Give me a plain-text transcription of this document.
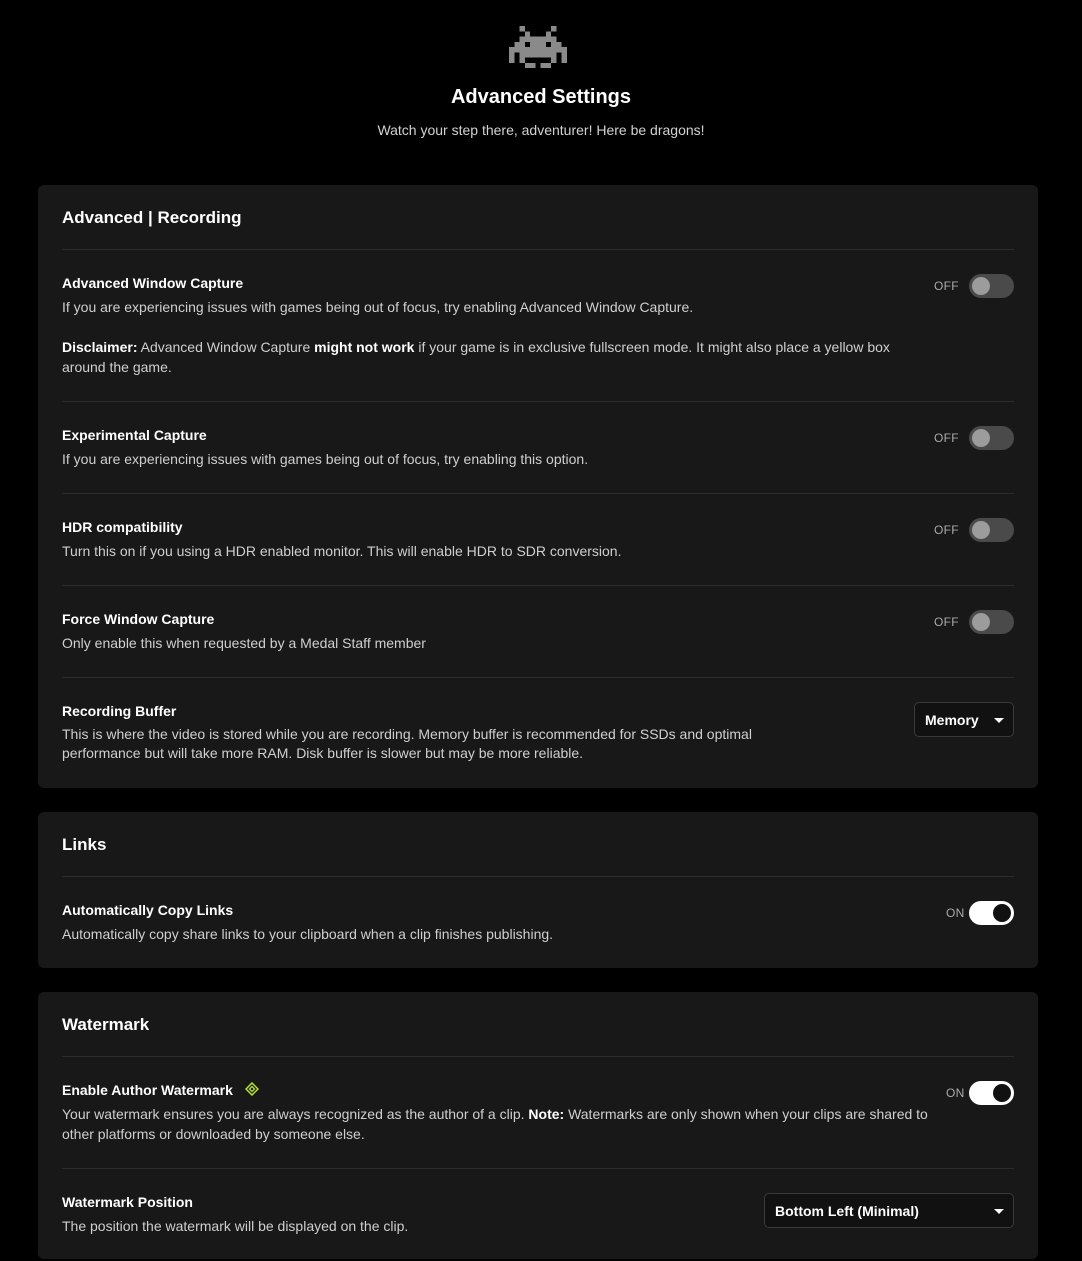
Advanced Settings
Watch your step there, adventurer! Here be dragons!
Advanced | Recording
Advanced Window Capture
If you are experiencing issues with games being out of focus, try enabling Advanced Window Capture.
Disclaimer: Advanced Window Capture might not work if your game is in exclusive fullscreen mode. It might also place a yellow box around the game.
OFF
Experimental Capture
If you are experiencing issues with games being out of focus, try enabling this option.
OFF
HDR compatibility
Turn this on if you using a HDR enabled monitor. This will enable HDR to SDR conversion.
OFF
Force Window Capture
Only enable this when requested by a Medal Staff member
OFF
Recording Buffer
This is where the video is stored while you are recording. Memory buffer is recommended for SSDs and optimal performance but will take more RAM. Disk buffer is slower but may be more reliable.
Memory
Links
Automatically Copy Links
Automatically copy share links to your clipboard when a clip finishes publishing.
ON
Watermark
Enable Author Watermark
Your watermark ensures you are always recognized as the author of a clip. Note: Watermarks are only shown when your clips are shared to other platforms or downloaded by someone else.
ON
Watermark Position
The position the watermark will be displayed on the clip.
Bottom Left (Minimal)
